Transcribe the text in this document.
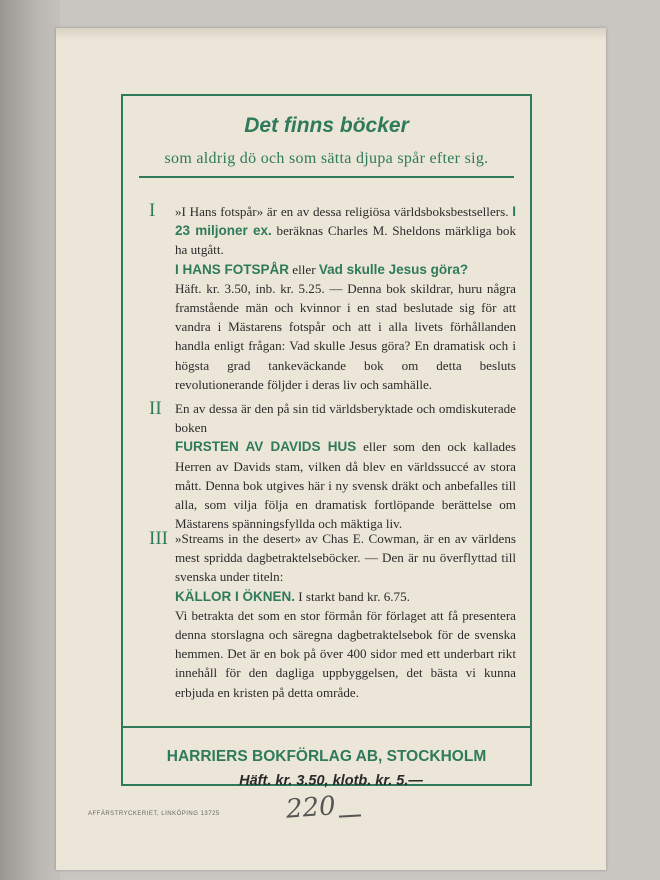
Det finns böcker
som aldrig dö och som sätta djupa spår efter sig.
I »I Hans fotspår» är en av dessa religiösa världsboksbestsellers. I 23 miljoner ex. beräknas Charles M. Sheldons märkliga bok ha utgått.
I HANS FOTSPÅR eller Vad skulle Jesus göra?
Häft. kr. 3.50, inb. kr. 5.25. — Denna bok skildrar, huru några framstående män och kvinnor i en stad beslutade sig för att vandra i Mästarens fotspår och att i alla livets förhållanden handla enligt frågan: Vad skulle Jesus göra? En dramatisk och i högsta grad tankeväckande bok om detta besluts revolutionerande följder i deras liv och samhälle.
II En av dessa är den på sin tid världsberyktade och omdiskuterade boken
FURSTEN AV DAVIDS HUS eller som den ock kallades Herren av Davids stam, vilken då blev en världssuccé av stora mått. Denna bok utgives här i ny svensk dräkt och anbefalles till alla, som vilja följa en dramatisk fortlöpande berättelse om Mästarens spänningsfyllda och mäktiga liv.
III »Streams in the desert» av Chas E. Cowman, är en av världens mest spridda dagbetraktelseböcker. — Den är nu överflyttad till svenska under titeln:
KÄLLOR I ÖKNEN. I starkt band kr. 6.75.
Vi betrakta det som en stor förmån för förlaget att få presentera denna storslagna och säregna dagbetraktelsebok för de svenska hemmen. Det är en bok på över 400 sidor med ett underbart rikt innehåll för den dagliga uppbyggelsen, det bästa vi kunna erbjuda en kristen på detta område.
HARRIERS BOKFÖRLAG AB, STOCKHOLM
Häft. kr. 3.50, klotb. kr. 5.—
AFFÄRSTRYCKERIET, LINKÖPING 13725	220
